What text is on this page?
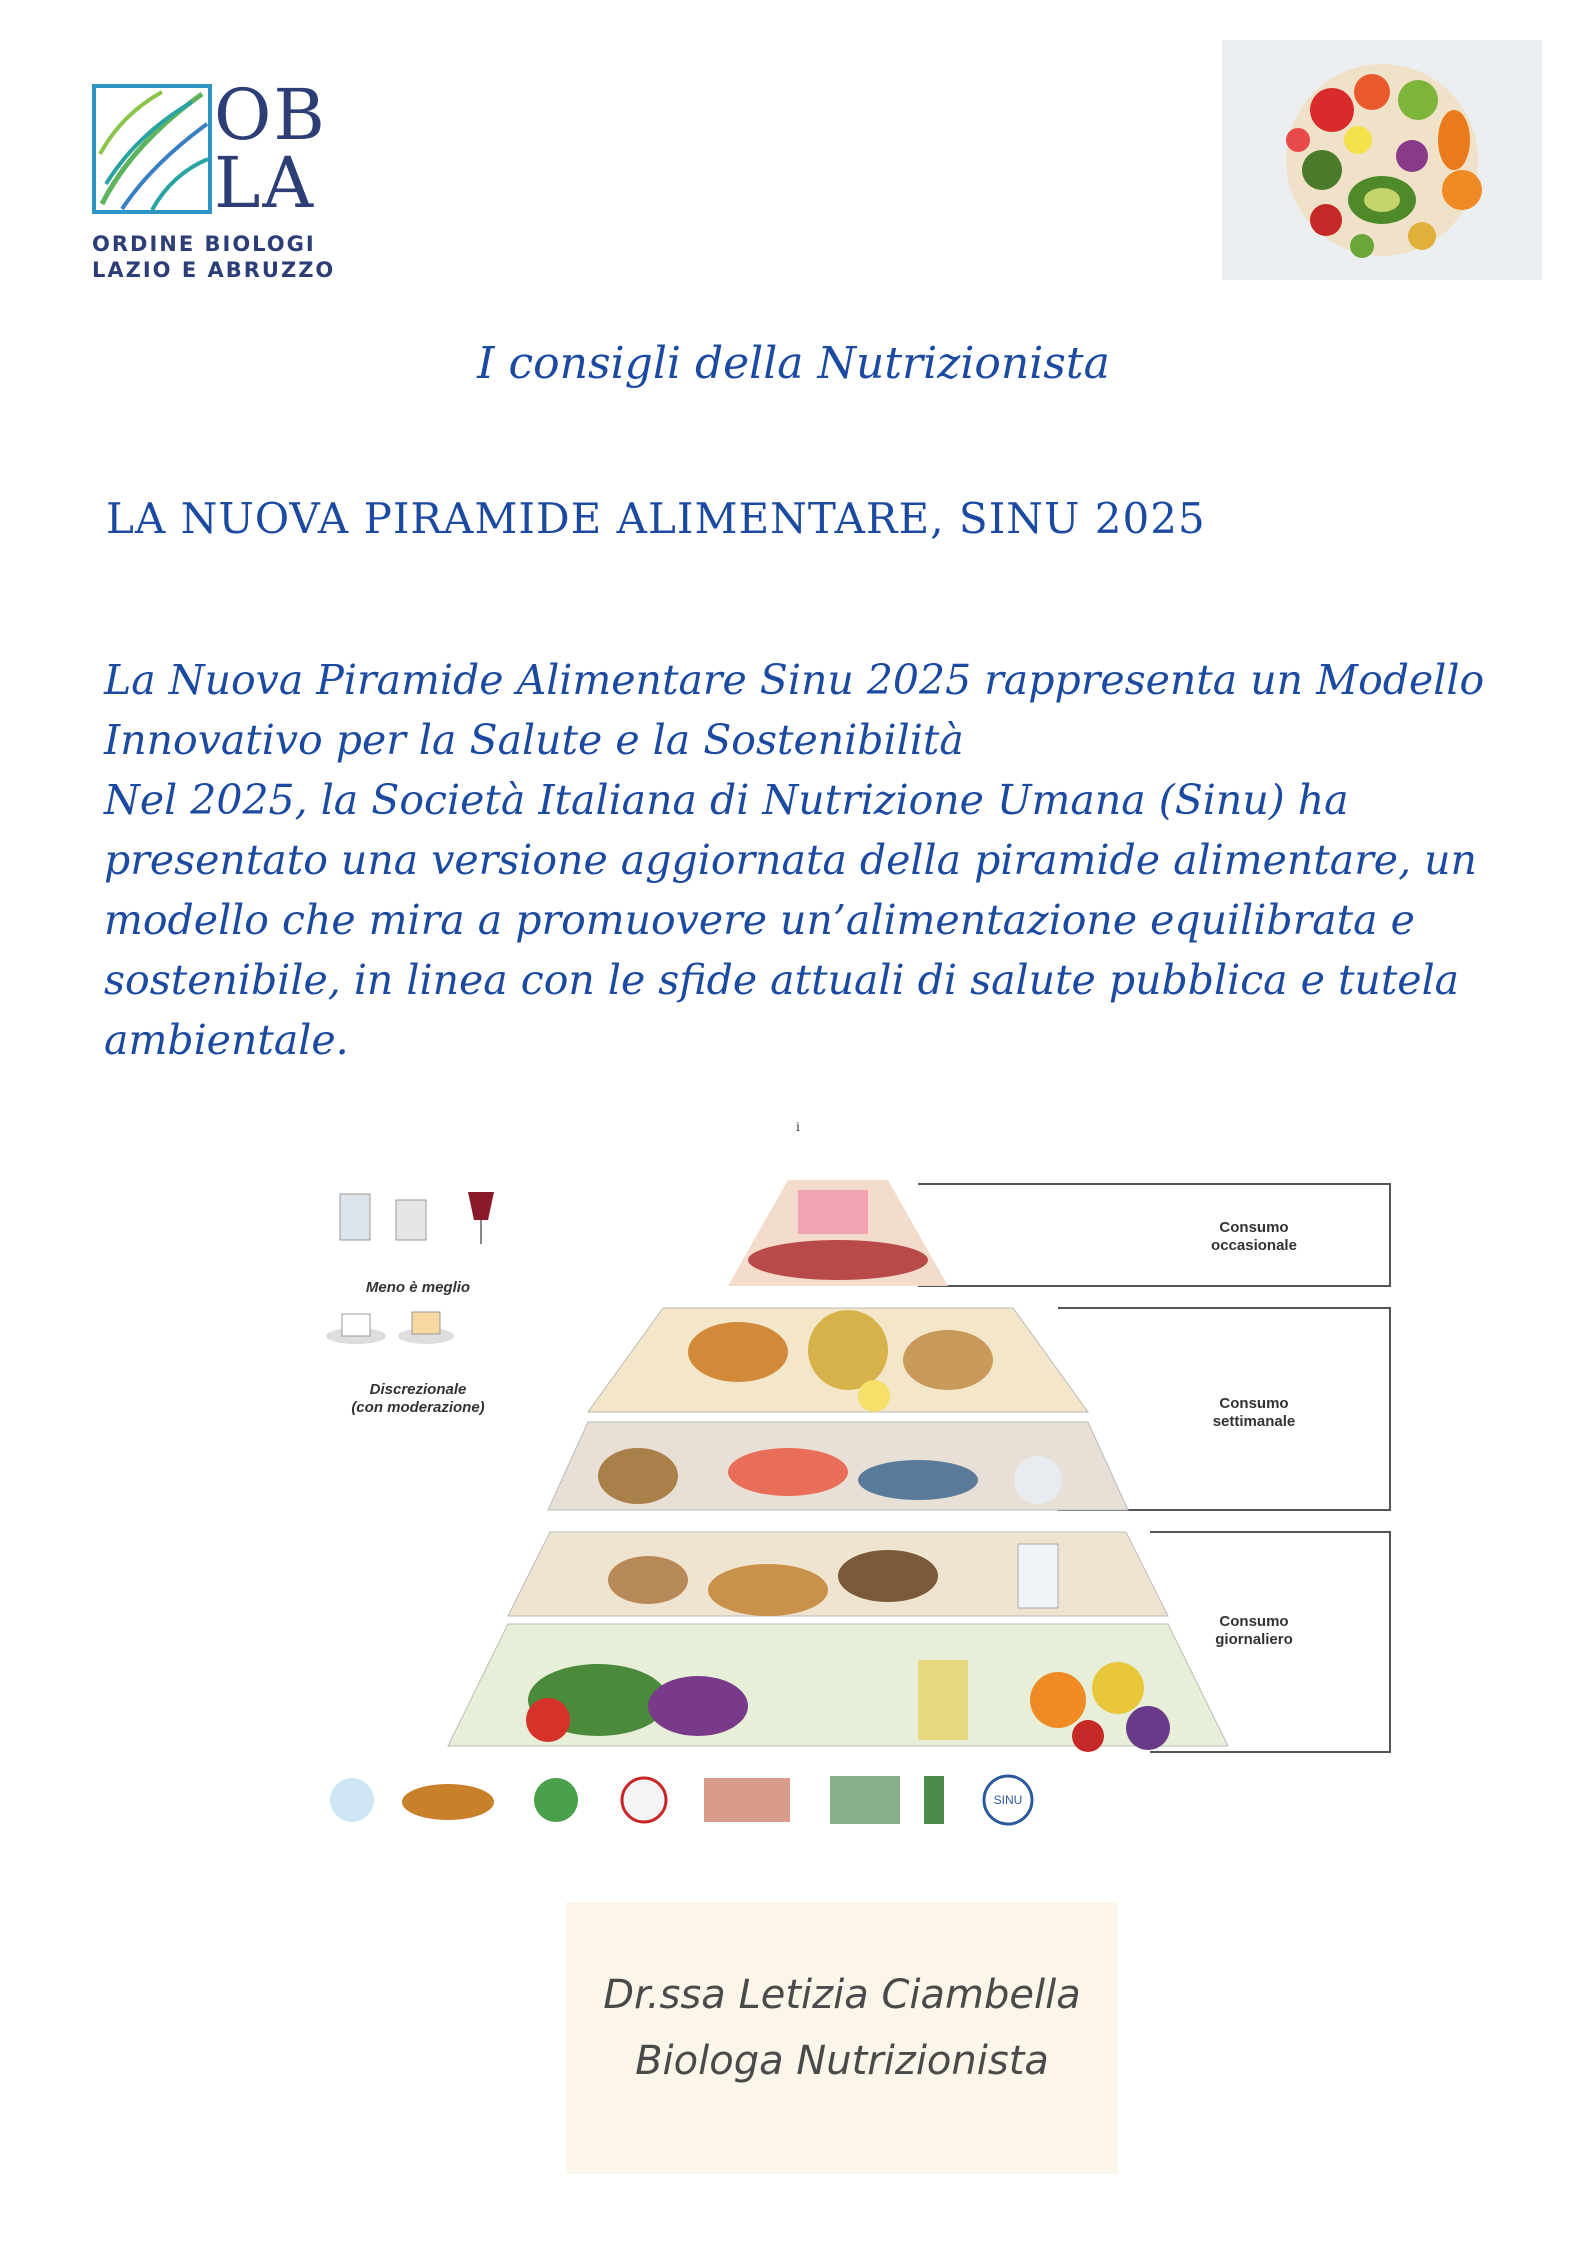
OB
LA
ORDINE BIOLOGI
LAZIO E ABRUZZO
I consigli della Nutrizionista
LA NUOVA PIRAMIDE ALIMENTARE, SINU 2025

La Nuova Piramide Alimentare Sinu 2025 rappresenta un Modello Innovativo per la Salute e la Sostenibilità

Nel 2025, la Società Italiana di Nutrizione Umana (Sinu) ha presentato una versione aggiornata della piramide alimentare, un modello che mira a promuovere un’alimentazione equilibrata e sostenibile, in linea con le sfide attuali di salute pubblica e tutela ambientale.

i
SINU
Consumo
occasionale
Consumo
settimanale
Consumo
giornaliero
Meno è meglio
Discrezionale
(con moderazione)
Dr.ssa Letizia Ciambella
Biologa Nutrizionista
